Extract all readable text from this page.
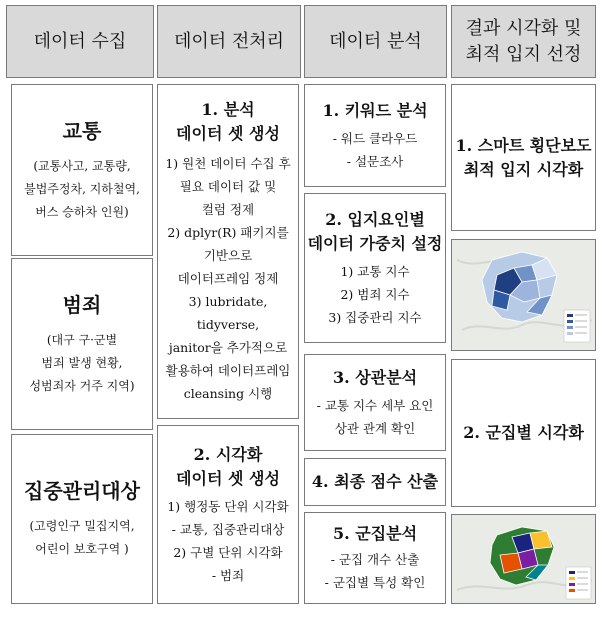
데이터 수집	데이터 전처리	데이터 분석
결과 시각화 및
최적 입지 선정
교통
(교통사고, 교통량,
불법주정차, 지하철역,
버스 승하차 인원)
범죄
(대구 구·군별
범죄 발생 현황,
성범죄자 거주 지역)
집중관리대상
(고령인구 밀집지역,
어린이 보호구역 )
1. 분석
데이터 셋 생성
1) 원천 데이터 수집 후
필요 데이터 값 및
컬럼 정제
2) dplyr(R) 패키지를
기반으로
데이터프레임 정제
3) lubridate, tidyverse,
janitor을 추가적으로
활용하여 데이터프레임
cleansing 시행
2. 시각화
데이터 셋 생성
1) 행정동 단위 시각화
- 교통, 집중관리대상
2) 구별 단위 시각화
- 범죄
1. 키워드 분석
- 워드 클라우드
- 설문조사
2. 입지요인별
데이터 가중치 설정
1) 교통 지수
2) 범죄 지수
3) 집중관리 지수
3. 상관분석
- 교통 지수 세부 요인
상관 관계 확인
4. 최종 점수 산출
5. 군집분석
- 군집 개수 산출
- 군집별 특성 확인
1. 스마트 횡단보도
최적 입지 시각화
2. 군집별 시각화
